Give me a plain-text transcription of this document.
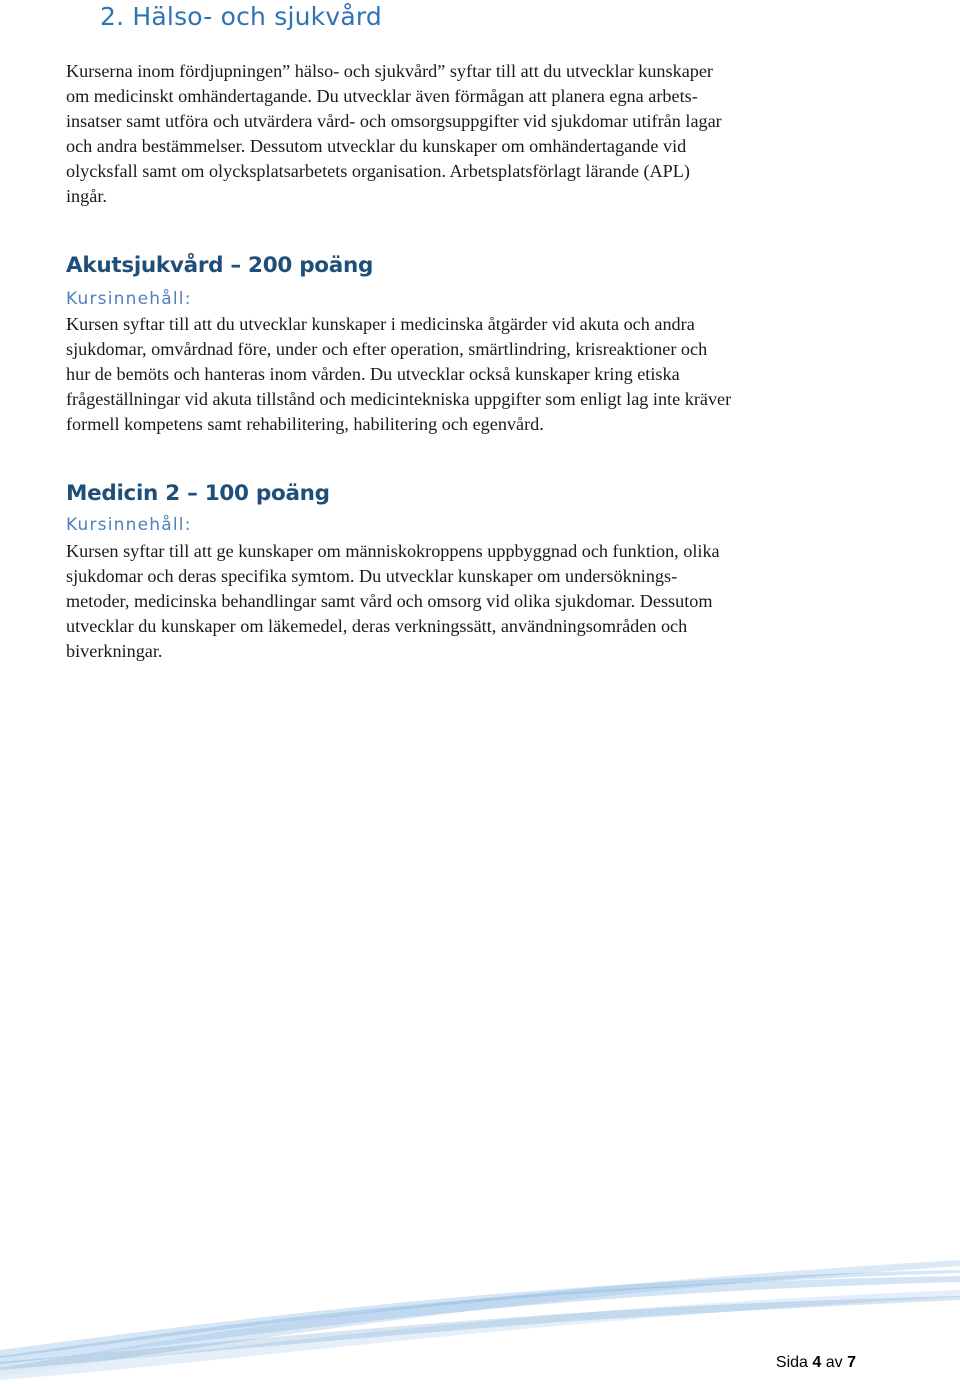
2. Hälso- och sjukvård

Kurserna inom fördjupningen” hälso- och sjukvård” syftar till att du utvecklar kunskaper
om medicinskt omhändertagande. Du utvecklar även förmågan att planera egna arbets-
insatser samt utföra och utvärdera vård- och omsorgsuppgifter vid sjukdomar utifrån lagar
och andra bestämmelser. Dessutom utvecklar du kunskaper om omhändertagande vid
olycksfall samt om olycksplatsarbetets organisation. Arbetsplatsförlagt lärande (APL)
ingår.

Akutsjukvård – 200 poäng
Kursinnehåll:

Kursen syftar till att du utvecklar kunskaper i medicinska åtgärder vid akuta och andra
sjukdomar, omvårdnad före, under och efter operation, smärtlindring, krisreaktioner och
hur de bemöts och hanteras inom vården. Du utvecklar också kunskaper kring etiska
frågeställningar vid akuta tillstånd och medicintekniska uppgifter som enligt lag inte kräver
formell kompetens samt rehabilitering, habilitering och egenvård.

Medicin 2 – 100 poäng
Kursinnehåll:

Kursen syftar till att ge kunskaper om människokroppens uppbyggnad och funktion, olika
sjukdomar och deras specifika symtom. Du utvecklar kunskaper om undersöknings-
metoder, medicinska behandlingar samt vård och omsorg vid olika sjukdomar. Dessutom
utvecklar du kunskaper om läkemedel, deras verkningssätt, användningsområden och
biverkningar.

Sida 4 av 7
